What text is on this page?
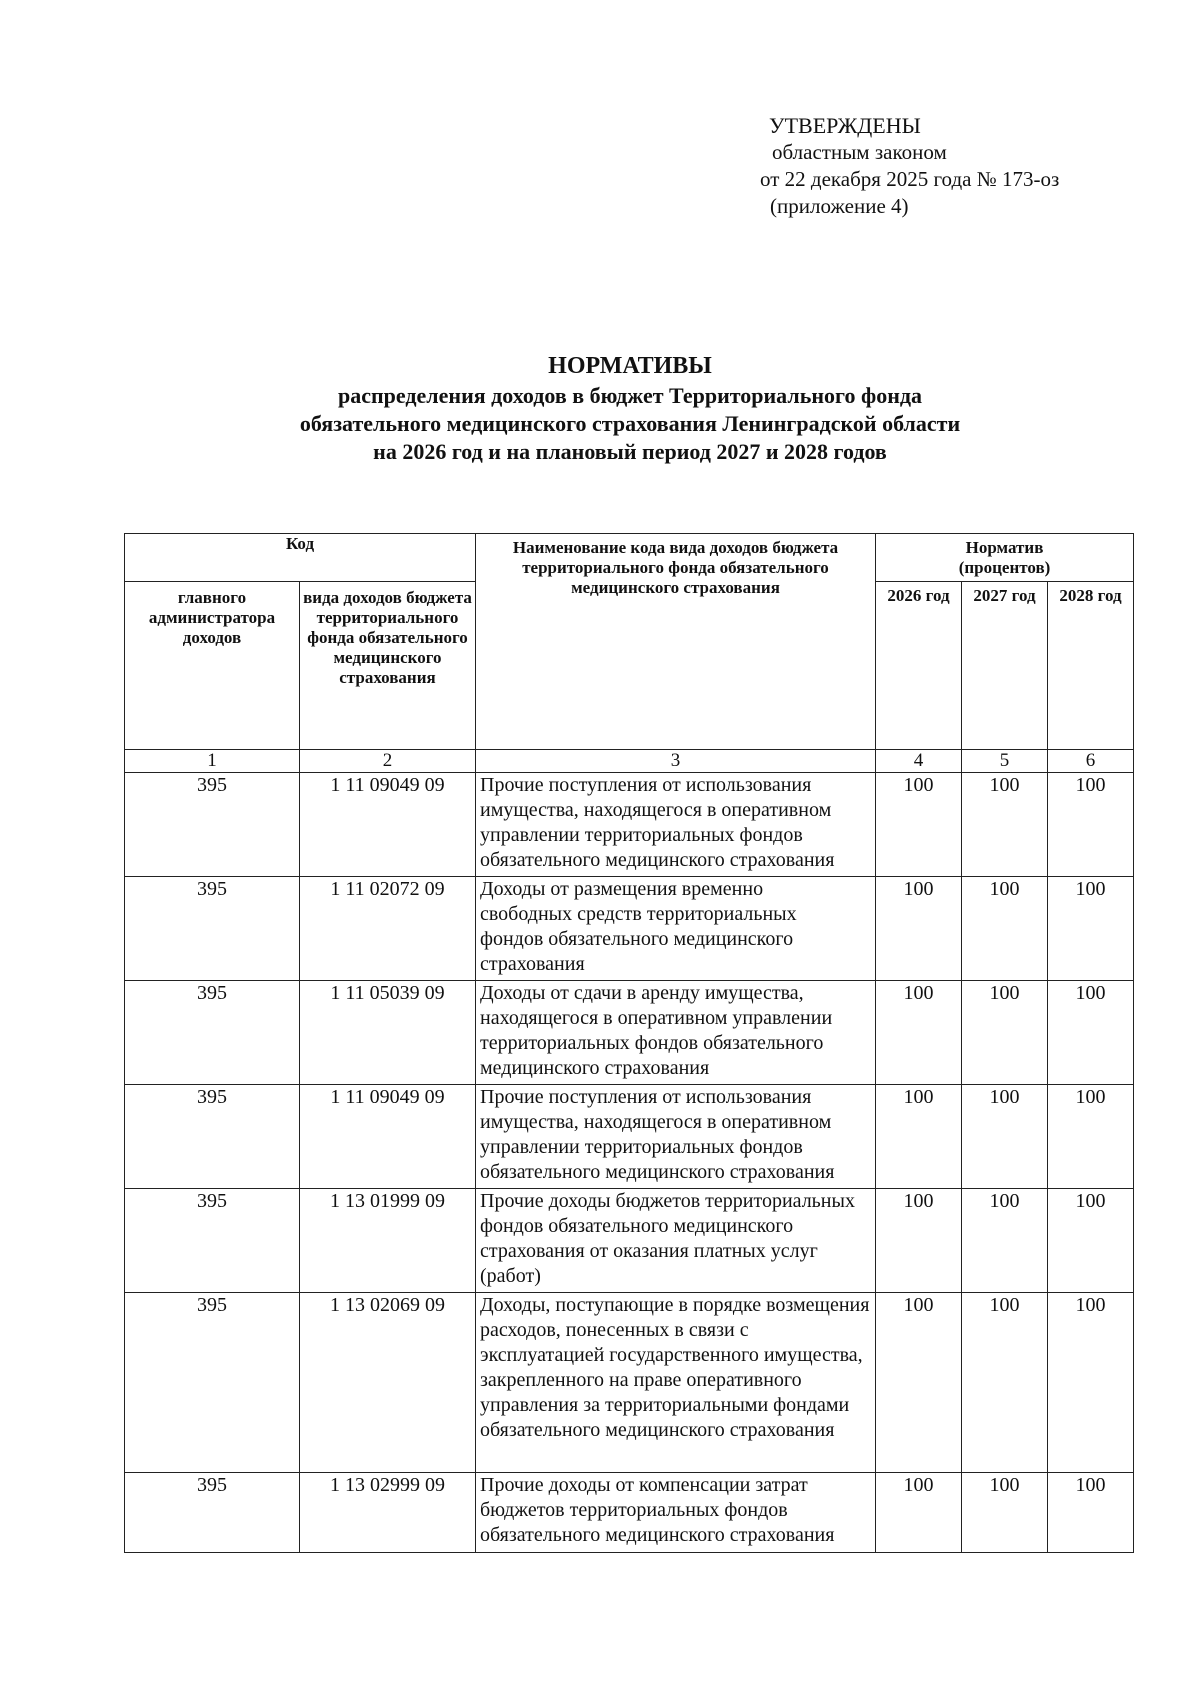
УТВЕРЖДЕНЫ
областным законом
от 22 декабря 2025 года № 173-оз
(приложение 4)
НОРМАТИВЫ
распределения доходов в бюджет Территориального фонда
обязательного медицинского страхования Ленинградской области
на 2026 год и на плановый период 2027 и 2028 годов
Код		Наименование кода вида доходов бюджета территориального фонда обязательного медицинского страхования	Норматив
(процентов)		

главного администратора доходов	вида доходов бюджета территориального фонда обязательного медицинского страхования		2026 год	2027 год	2028 год
1	2	3	4	5	6
395	1 11 09049 09	Прочие поступления от использования имущества, находящегося в оперативном управлении территориальных фондов обязательного медицинского страхования	100	100	100
395	1 11 02072 09	Доходы от размещения временно свободных средств территориальных фондов обязательного медицинского страхования	100	100	100
395	1 11 05039 09	Доходы от сдачи в аренду имущества, находящегося в оперативном управлении территориальных фондов обязательного медицинского страхования	100	100	100
395	1 11 09049 09	Прочие поступления от использования имущества, находящегося в оперативном управлении территориальных фондов обязательного медицинского страхования	100	100	100
395	1 13 01999 09	Прочие доходы бюджетов территориальных фондов обязательного медицинского страхования от оказания платных услуг (работ)	100	100	100
395	1 13 02069 09	Доходы, поступающие в порядке возмещения расходов, понесенных в связи с эксплуатацией государственного имущества, закрепленного на праве оперативного управления за территориальными фондами обязательного медицинского страхования	100	100	100
395	1 13 02999 09	Прочие доходы от компенсации затрат бюджетов территориальных фондов обязательного медицинского страхования	100	100	100
